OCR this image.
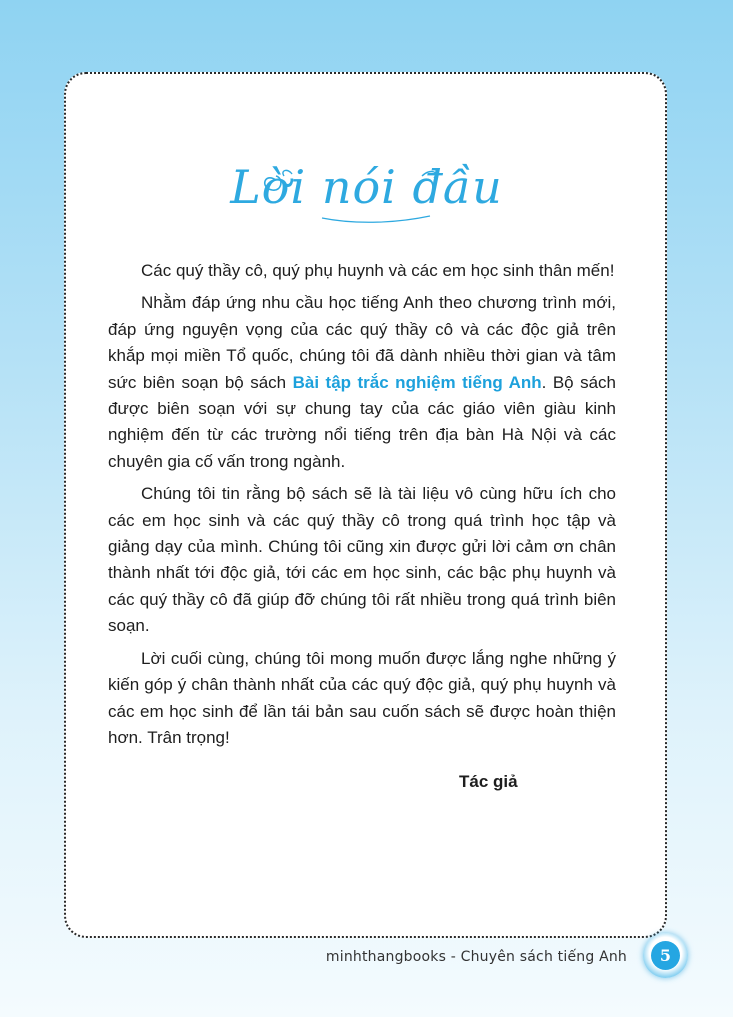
Lời nói đầu

Các quý thầy cô, quý phụ huynh và các em học sinh thân mến!

Nhằm đáp ứng nhu cầu học tiếng Anh theo chương trình mới, đáp ứng nguyện vọng của các quý thầy cô và các độc giả trên khắp mọi miền Tổ quốc, chúng tôi đã dành nhiều thời gian và tâm sức biên soạn bộ sách Bài tập trắc nghiệm tiếng Anh. Bộ sách được biên soạn với sự chung tay của các giáo viên giàu kinh nghiệm đến từ các trường nổi tiếng trên địa bàn Hà Nội và các chuyên gia cố vấn trong ngành.

Chúng tôi tin rằng bộ sách sẽ là tài liệu vô cùng hữu ích cho các em học sinh và các quý thầy cô trong quá trình học tập và giảng dạy của mình. Chúng tôi cũng xin được gửi lời cảm ơn chân thành nhất tới độc giả, tới các em học sinh, các bậc phụ huynh và các quý thầy cô đã giúp đỡ chúng tôi rất nhiều trong quá trình biên soạn.

Lời cuối cùng, chúng tôi mong muốn được lắng nghe những ý kiến góp ý chân thành nhất của các quý độc giả, quý phụ huynh và các em học sinh để lần tái bản sau cuốn sách sẽ được hoàn thiện hơn. Trân trọng!

Tác giả
minhthangbooks - Chuyên sách tiếng Anh	5
